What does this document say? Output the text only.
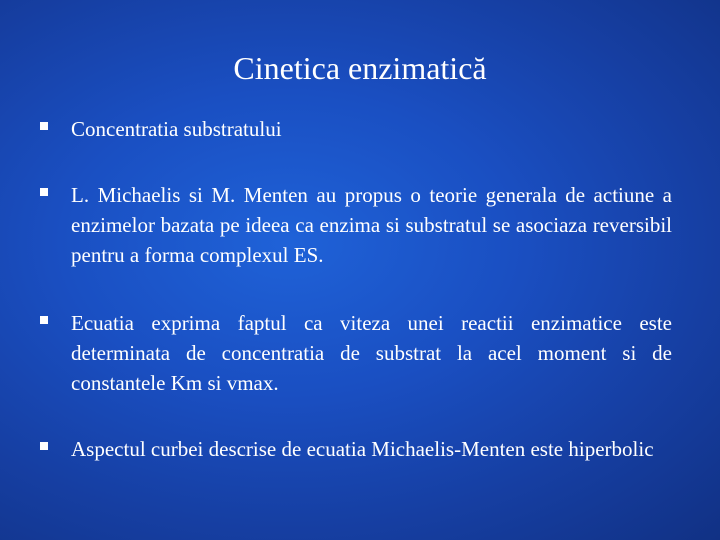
Cinetica enzimatică
Concentratia substratului
L. Michaelis si M. Menten au propus o teorie generala de actiune a enzimelor bazata pe ideea ca enzima si substratul se asociaza reversibil pentru a forma complexul ES.
Ecuatia exprima faptul ca viteza unei reactii enzimatice este determinata de concentratia de substrat la acel moment si de constantele Km si vmax.
Aspectul curbei descrise de ecuatia Michaelis-Menten este hiperbolic
